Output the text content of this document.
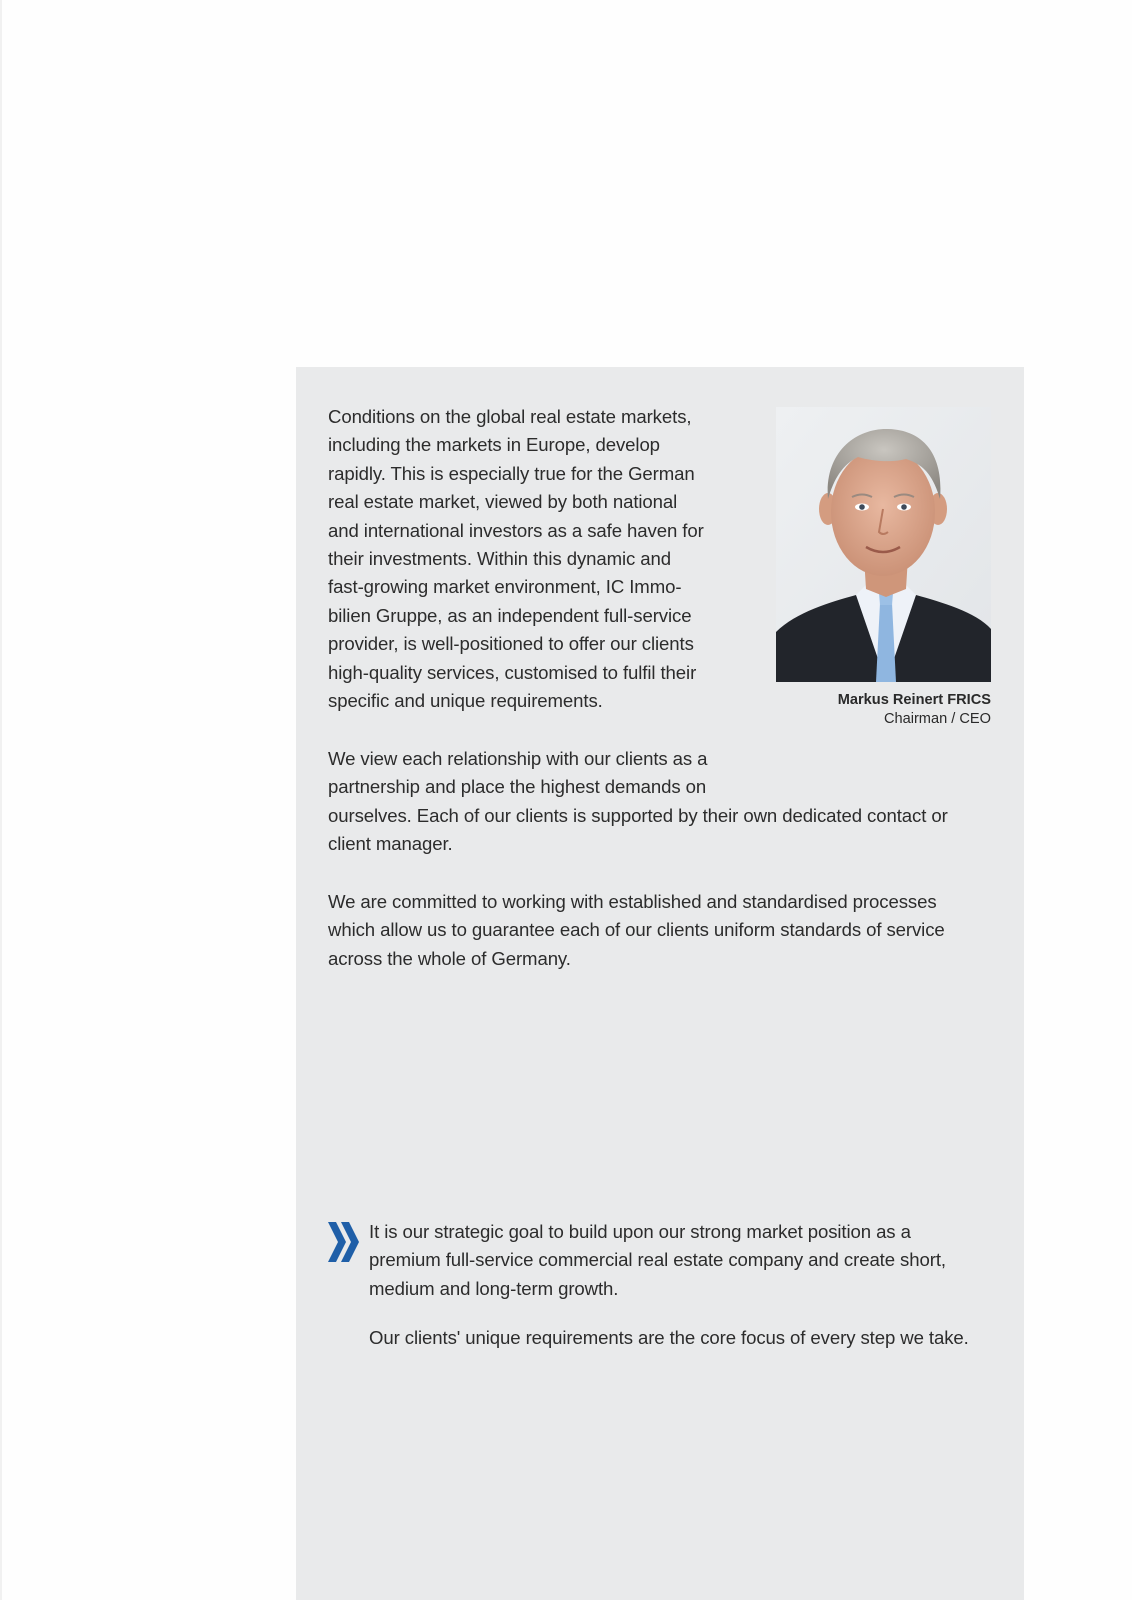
Conditions on the global real estate markets,
including the markets in Europe, develop
rapidly. This is especially true for the German
real estate market, viewed by both national
and international investors as a safe haven for
their investments. Within this dynamic and
fast-growing market environment, IC Immo-
bilien Gruppe, as an independent full-service
provider, is well-positioned to offer our clients
high-quality services, customised to fulfil their
specific and unique requirements.	Markus Reinert FRICS
Chairman / CEO

We view each relationship with our clients as a
partnership and place the highest demands on
ourselves. Each of our clients is supported by their own dedicated contact or
client manager.

We are committed to working with established and standardised processes
which allow us to guarantee each of our clients uniform standards of service
across the whole of Germany.

It is our strategic goal to build upon our strong market position as a
premium full-service commercial real estate company and create short,
medium and long-term growth.

Our clients' unique requirements are the core focus of every step we take.
